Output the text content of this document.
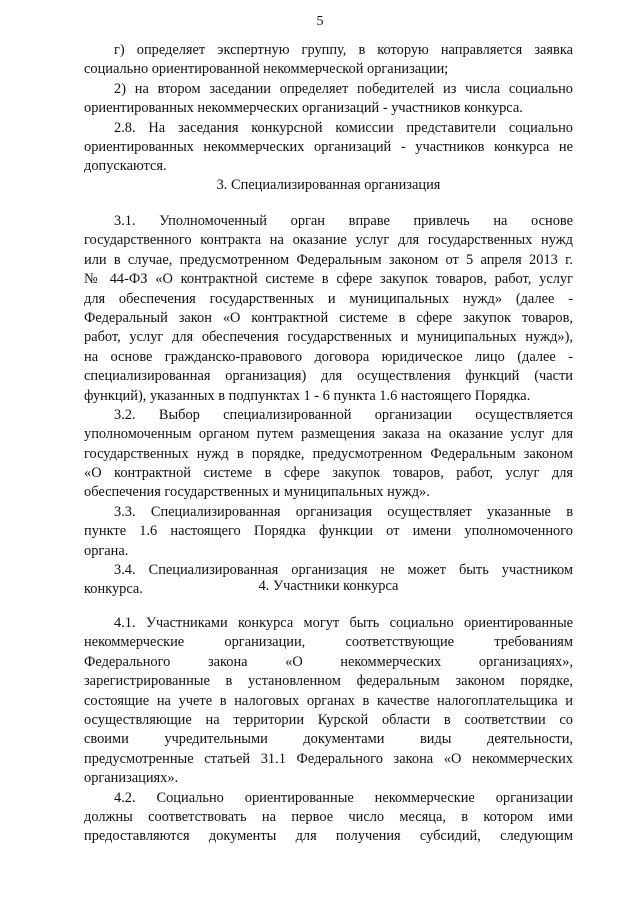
5
г) определяет экспертную группу, в которую направляется заявка
социально ориентированной некоммерческой организации;
2) на втором заседании определяет победителей из числа социально
ориентированных некоммерческих организаций - участников конкурса.
2.8. На заседания конкурсной комиссии представители социально
ориентированных некоммерческих организаций - участников конкурса не
допускаются.
3. Специализированная организация
3.1. Уполномоченный орган вправе привлечь на основе
государственного контракта на оказание услуг для государственных нужд
или в случае, предусмотренном Федеральным законом от 5 апреля 2013 г.
№ 44-ФЗ «О контрактной системе в сфере закупок товаров, работ, услуг
для обеспечения государственных и муниципальных нужд» (далее -
Федеральный закон «О контрактной системе в сфере закупок товаров,
работ, услуг для обеспечения государственных и муниципальных нужд»),
на основе гражданско-правового договора юридическое лицо (далее -
специализированная организация) для осуществления функций (части
функций), указанных в подпунктах 1 - 6 пункта 1.6 настоящего Порядка.
3.2. Выбор специализированной организации осуществляется
уполномоченным органом путем размещения заказа на оказание услуг для
государственных нужд в порядке, предусмотренном Федеральным законом
«О контрактной системе в сфере закупок товаров, работ, услуг для
обеспечения государственных и муниципальных нужд».
3.3. Специализированная организация осуществляет указанные в
пункте 1.6 настоящего Порядка функции от имени уполномоченного
органа.
3.4. Специализированная организация не может быть участником
конкурса.	4. Участники конкурса
4.1. Участниками конкурса могут быть социально ориентированные
некоммерческие организации, соответствующие требованиям
Федерального закона «О некоммерческих организациях»,
зарегистрированные в установленном федеральным законом порядке,
состоящие на учете в налоговых органах в качестве налогоплательщика и
осуществляющие на территории Курской области в соответствии со
своими учредительными документами виды деятельности,
предусмотренные статьей 31.1 Федерального закона «О некоммерческих
организациях».
4.2. Социально ориентированные некоммерческие организации
должны соответствовать на первое число месяца, в котором ими
предоставляются документы для получения субсидий, следующим
